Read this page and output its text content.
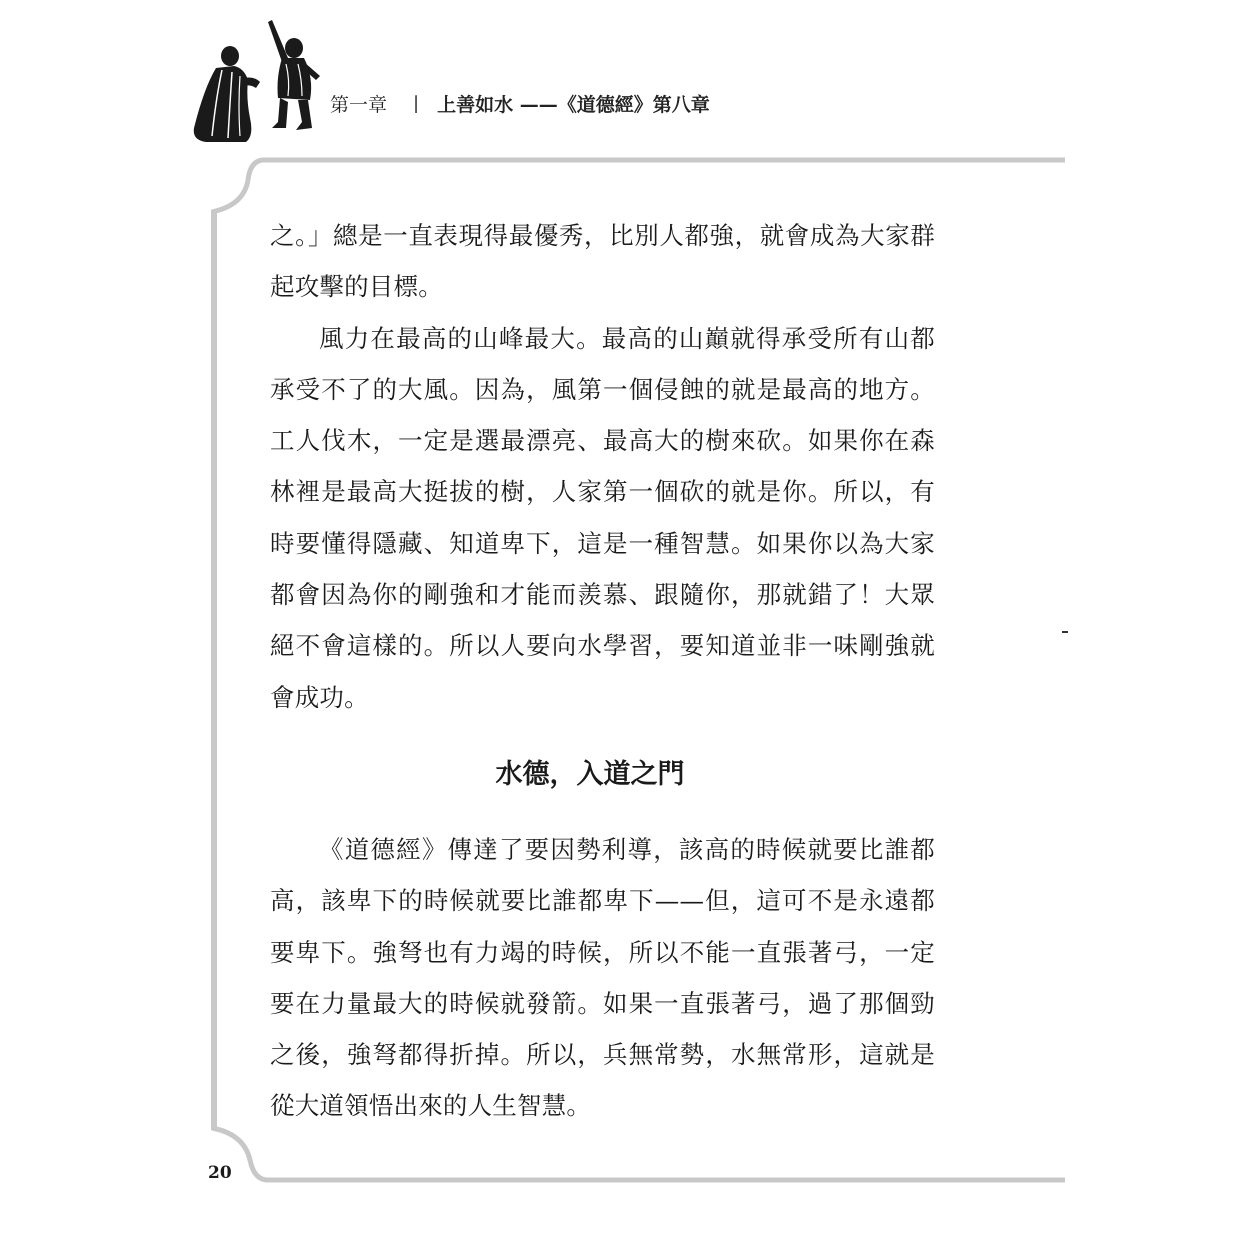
第一章 | 上善如水 ——《道德經》第八章

之。」總是一直表現得最優秀，比別人都強，就會成為大家群起攻擊的目標。

風力在最高的山峰最大。最高的山巔就得承受所有山都承受不了的大風。因為，風第一個侵蝕的就是最高的地方。工人伐木，一定是選最漂亮、最高大的樹來砍。如果你在森林裡是最高大挺拔的樹，人家第一個砍的就是你。所以，有時要懂得隱藏、知道卑下，這是一種智慧。如果你以為大家都會因為你的剛強和才能而羨慕、跟隨你，那就錯了！大眾絕不會這樣的。所以人要向水學習，要知道並非一味剛強就會成功。

水德，入道之門

《道德經》傳達了要因勢利導，該高的時候就要比誰都高，該卑下的時候就要比誰都卑下——但，這可不是永遠都要卑下。強弩也有力竭的時候，所以不能一直張著弓，一定要在力量最大的時候就發箭。如果一直張著弓，過了那個勁之後，強弩都得折掉。所以，兵無常勢，水無常形，這就是從大道領悟出來的人生智慧。

20
